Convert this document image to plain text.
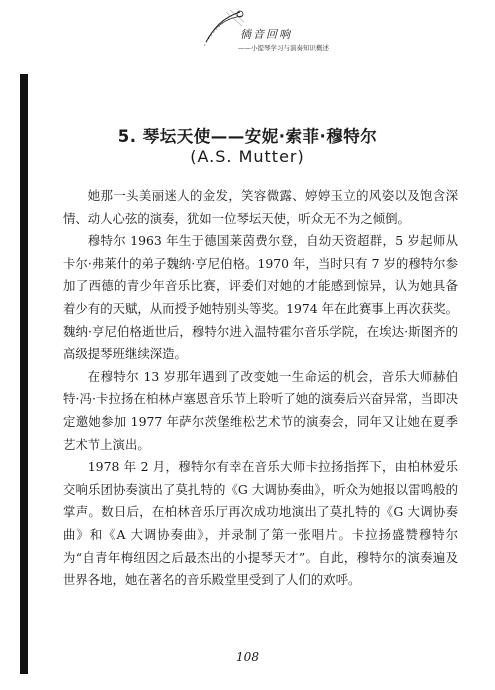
徜音回响
——小提琴学习与演奏知识概述
5. 琴坛天使——安妮·索菲·穆特尔
(A.S. Mutter)

她那一头美丽迷人的金发，笑容微露、婷婷玉立的风姿以及饱含深情、动人心弦的演奏，犹如一位琴坛天使，听众无不为之倾倒。

穆特尔 1963 年生于德国莱茵费尔登，自幼天资超群，5 岁起师从卡尔·弗莱什的弟子魏纳·亨尼伯格。1970 年，当时只有 7 岁的穆特尔参加了西德的青少年音乐比赛，评委们对她的才能感到惊异，认为她具备着少有的天赋，从而授予她特别头等奖。1974 年在此赛事上再次获奖。魏纳·亨尼伯格逝世后，穆特尔进入温特霍尔音乐学院，在埃达·斯图齐的高级提琴班继续深造。

在穆特尔 13 岁那年遇到了改变她一生命运的机会，音乐大师赫伯特·冯·卡拉扬在柏林卢塞恩音乐节上聆听了她的演奏后兴奋异常，当即决定邀她参加 1977 年萨尔茨堡维松艺术节的演奏会，同年又让她在夏季艺术节上演出。

1978 年 2 月，穆特尔有幸在音乐大师卡拉扬指挥下，由柏林爱乐交响乐团协奏演出了莫扎特的《G 大调协奏曲》，听众为她报以雷鸣般的掌声。数日后，在柏林音乐厅再次成功地演出了莫扎特的《G 大调协奏曲》和《A 大调协奏曲》，并录制了第一张唱片。卡拉扬盛赞穆特尔为“自青年梅纽因之后最杰出的小提琴天才”。自此，穆特尔的演奏遍及世界各地，她在著名的音乐殿堂里受到了人们的欢呼。

108
